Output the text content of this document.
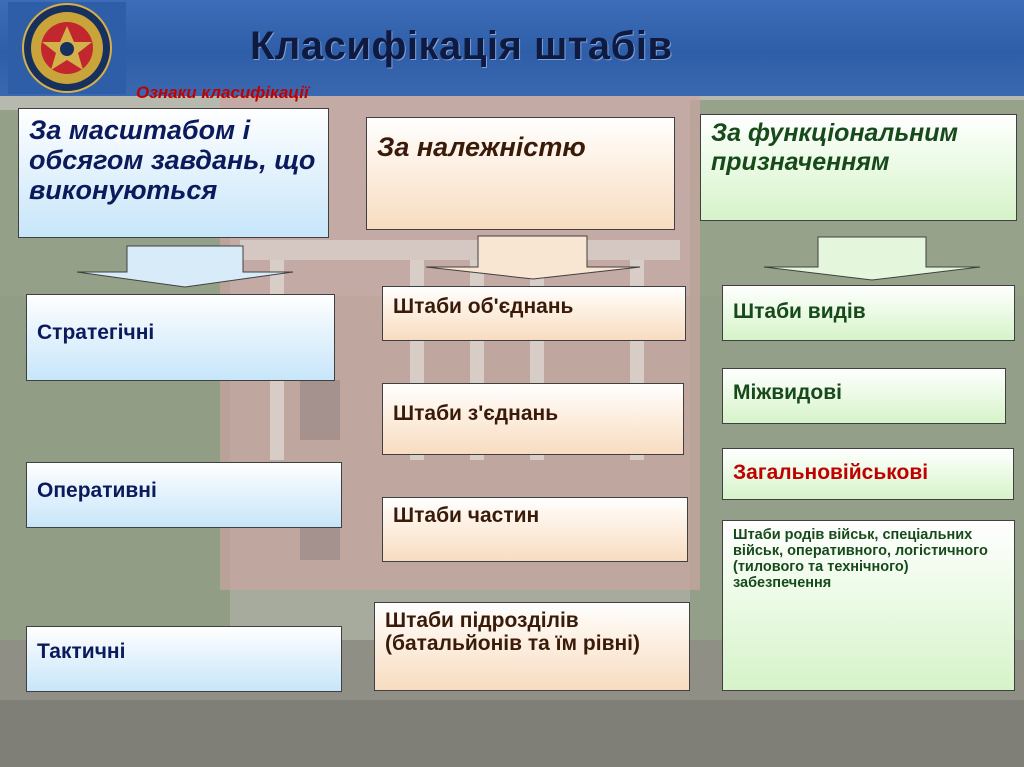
Класифікація штабів
Ознаки класифікації
За масштабом і обсягом завдань, що виконуються
Стратегічні
Оперативні
Тактичні
За належністю
Штаби об'єднань
Штаби з'єднань
Штаби частин
Штаби підрозділів (батальйонів та їм рівні)
За функціональним призначенням
Штаби видів
Міжвидові
Загальновійськові
Штаби родів військ, спеціальних військ, оперативного, логістичного (тилового та технічного) забезпечення
